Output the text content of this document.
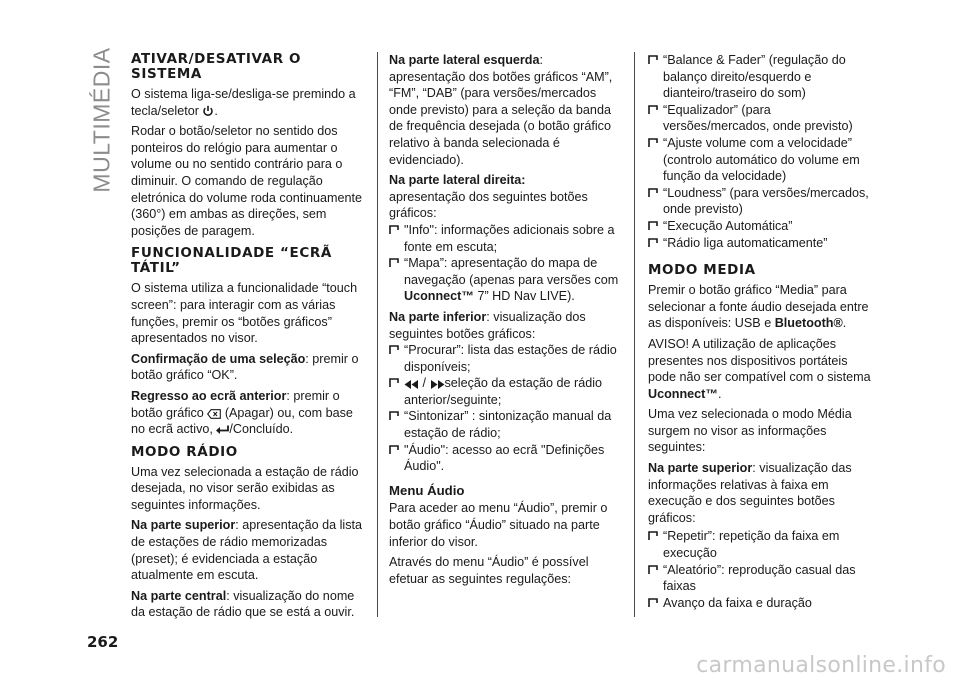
MULTIMÉDIA ATIVAR/DESATIVAR O SISTEMA

O sistema liga-se/desliga-se premindo a tecla/seletor .

Rodar o botão/seletor no sentido dos ponteiros do relógio para aumentar o volume ou no sentido contrário para o diminuir. O comando de regulação eletrónica do volume roda continuamente (360°) em ambas as direções, sem posições de paragem.

FUNCIONALIDADE “ECRÃ TÁTIL”

O sistema utiliza a funcionalidade “touch screen”: para interagir com as várias funções, premir os “botões gráficos” apresentados no visor.

Confirmação de uma seleção: premir o botão gráfico “OK”.

Regresso ao ecrã anterior: premir o botão gráfico (Apagar) ou, com base no ecrã activo, /Concluído.

MODO RÁDIO

Uma vez selecionada a estação de rádio desejada, no visor serão exibidas as seguintes informações.

Na parte superior: apresentação da lista de estações de rádio memorizadas (preset); é evidenciada a estação atualmente em escuta.

Na parte central: visualização do nome da estação de rádio que se está a ouvir.

Na parte lateral esquerda: apresentação dos botões gráficos “AM”, “FM”, “DAB” (para versões/mercados onde previsto) para a seleção da banda de frequência desejada (o botão gráfico relativo à banda selecionada é evidenciado).

Na parte lateral direita:

apresentação dos seguintes botões gráficos:

"Info": informações adicionais sobre a fonte em escuta;
“Mapa”: apresentação do mapa de navegação (apenas para versões com Uconnect™ 7” HD Nav LIVE).

Na parte inferior: visualização dos seguintes botões gráficos:

“Procurar”: lista das estações de rádio disponíveis;
/ seleção da estação de rádio anterior/seguinte;
“Sintonizar” : sintonização manual da estação de rádio;
"Áudio": acesso ao ecrã "Definições Áudio".
Menu Áudio

Para aceder ao menu “Áudio”, premir o botão gráfico “Áudio” situado na parte inferior do visor.

Através do menu “Áudio” é possível efetuar as seguintes regulações:

“Balance & Fader” (regulação do balanço direito/esquerdo e dianteiro/traseiro do som)
“Equalizador” (para versões/mercados, onde previsto)
“Ajuste volume com a velocidade” (controlo automático do volume em função da velocidade)
“Loudness” (para versões/mercados, onde previsto)
“Execução Automática”
“Rádio liga automaticamente”
MODO MEDIA

Premir o botão gráfico “Media” para selecionar a fonte áudio desejada entre as disponíveis: USB e Bluetooth®.

AVISO! A utilização de aplicações presentes nos dispositivos portáteis pode não ser compatível com o sistema Uconnect™.

Uma vez selecionada o modo Média surgem no visor as informações seguintes:

Na parte superior: visualização das informações relativas à faixa em execução e dos seguintes botões gráficos:

“Repetir”: repetição da faixa em execução
“Aleatório”: reprodução casual das faixas
Avanço da faixa e duração
262
carmanualsonline.info
